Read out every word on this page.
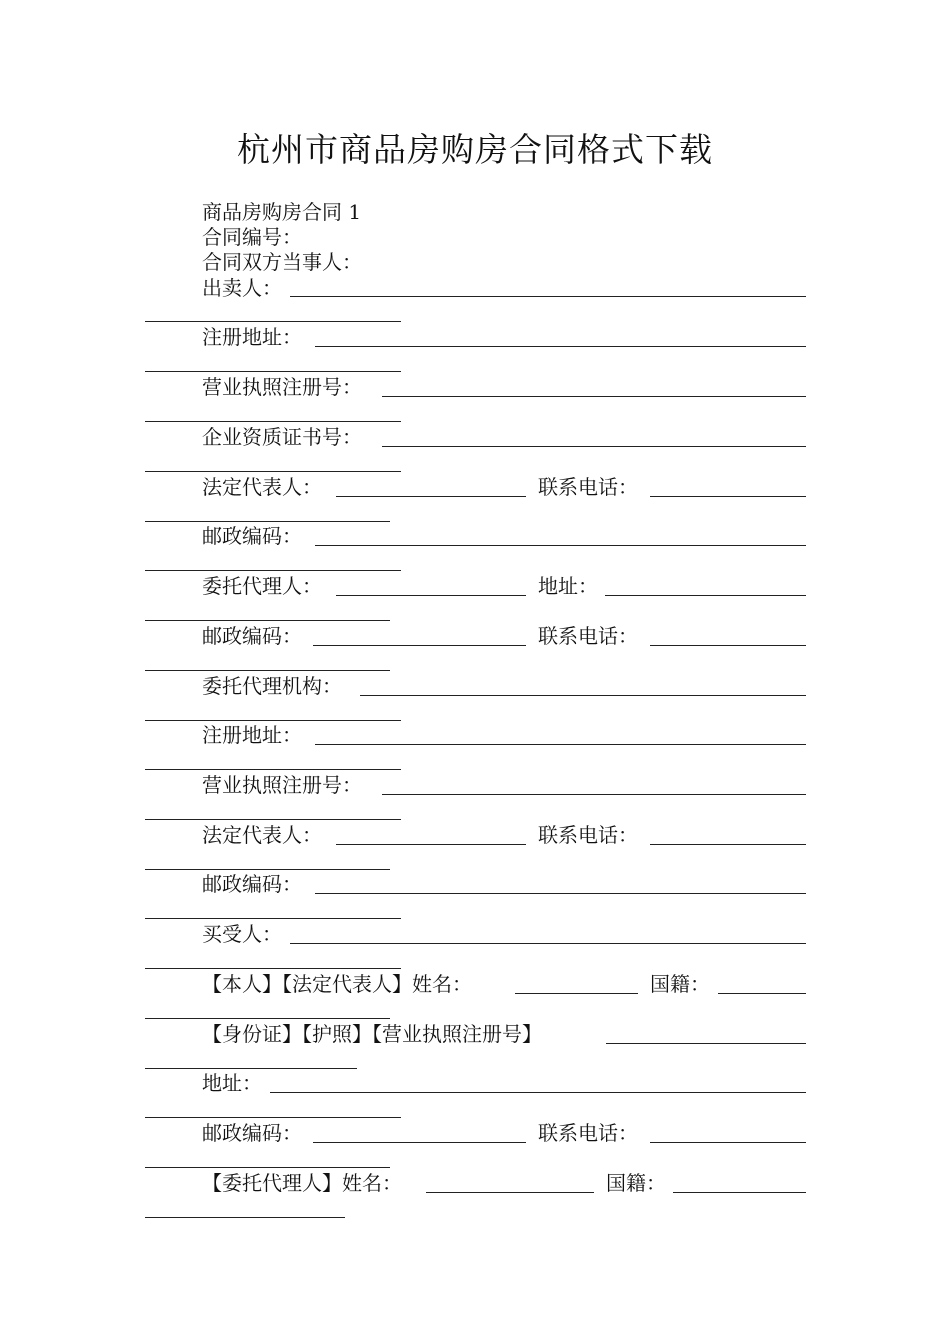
杭州市商品房购房合同格式下载
商品房购房合同 1
合同编号：
合同双方当事人：
出卖人：
注册地址：
营业执照注册号：
企业资质证书号：
法定代表人：	联系电话：
邮政编码：
委托代理人：	地址：
邮政编码：	联系电话：
委托代理机构：
注册地址：
营业执照注册号：
法定代表人：	联系电话：
邮政编码：
买受人：
【本人】【法定代表人】姓名：	国籍：
【身份证】【护照】【营业执照注册号】
地址：
邮政编码：	联系电话：
【委托代理人】姓名：	国籍：
